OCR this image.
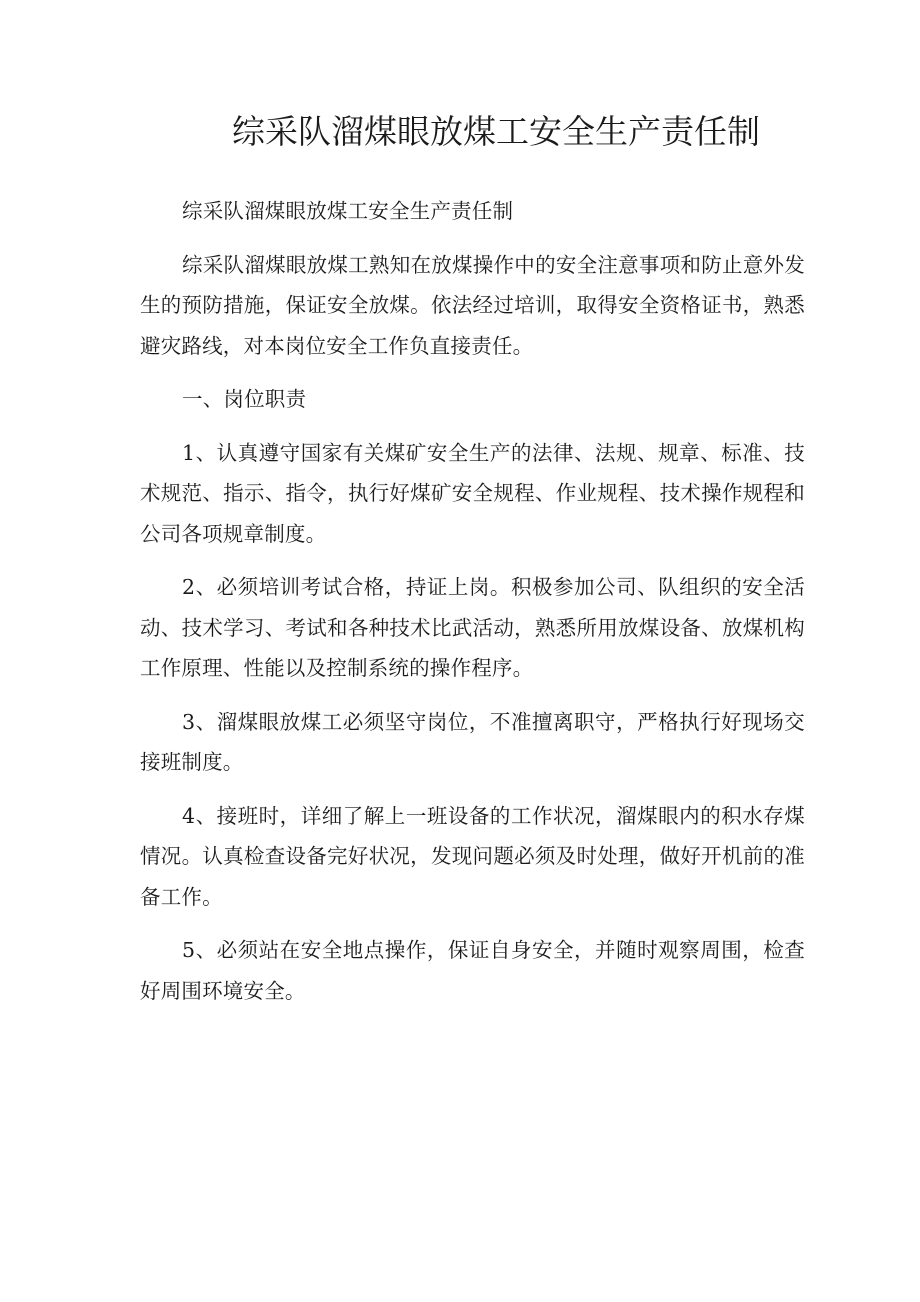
综采队溜煤眼放煤工安全生产责任制

综采队溜煤眼放煤工安全生产责任制

综采队溜煤眼放煤工熟知在放煤操作中的安全注意事项和防止意外发生的预防措施，保证安全放煤。依法经过培训，取得安全资格证书，熟悉避灾路线，对本岗位安全工作负直接责任。

一、岗位职责

1、认真遵守国家有关煤矿安全生产的法律、法规、规章、标准、技术规范、指示、指令，执行好煤矿安全规程、作业规程、技术操作规程和公司各项规章制度。

2、必须培训考试合格，持证上岗。积极参加公司、队组织的安全活动、技术学习、考试和各种技术比武活动，熟悉所用放煤设备、放煤机构工作原理、性能以及控制系统的操作程序。

3、溜煤眼放煤工必须坚守岗位，不准擅离职守，严格执行好现场交接班制度。

4、接班时，详细了解上一班设备的工作状况，溜煤眼内的积水存煤情况。认真检查设备完好状况，发现问题必须及时处理，做好开机前的准备工作。

5、必须站在安全地点操作，保证自身安全，并随时观察周围，检查好周围环境安全。
